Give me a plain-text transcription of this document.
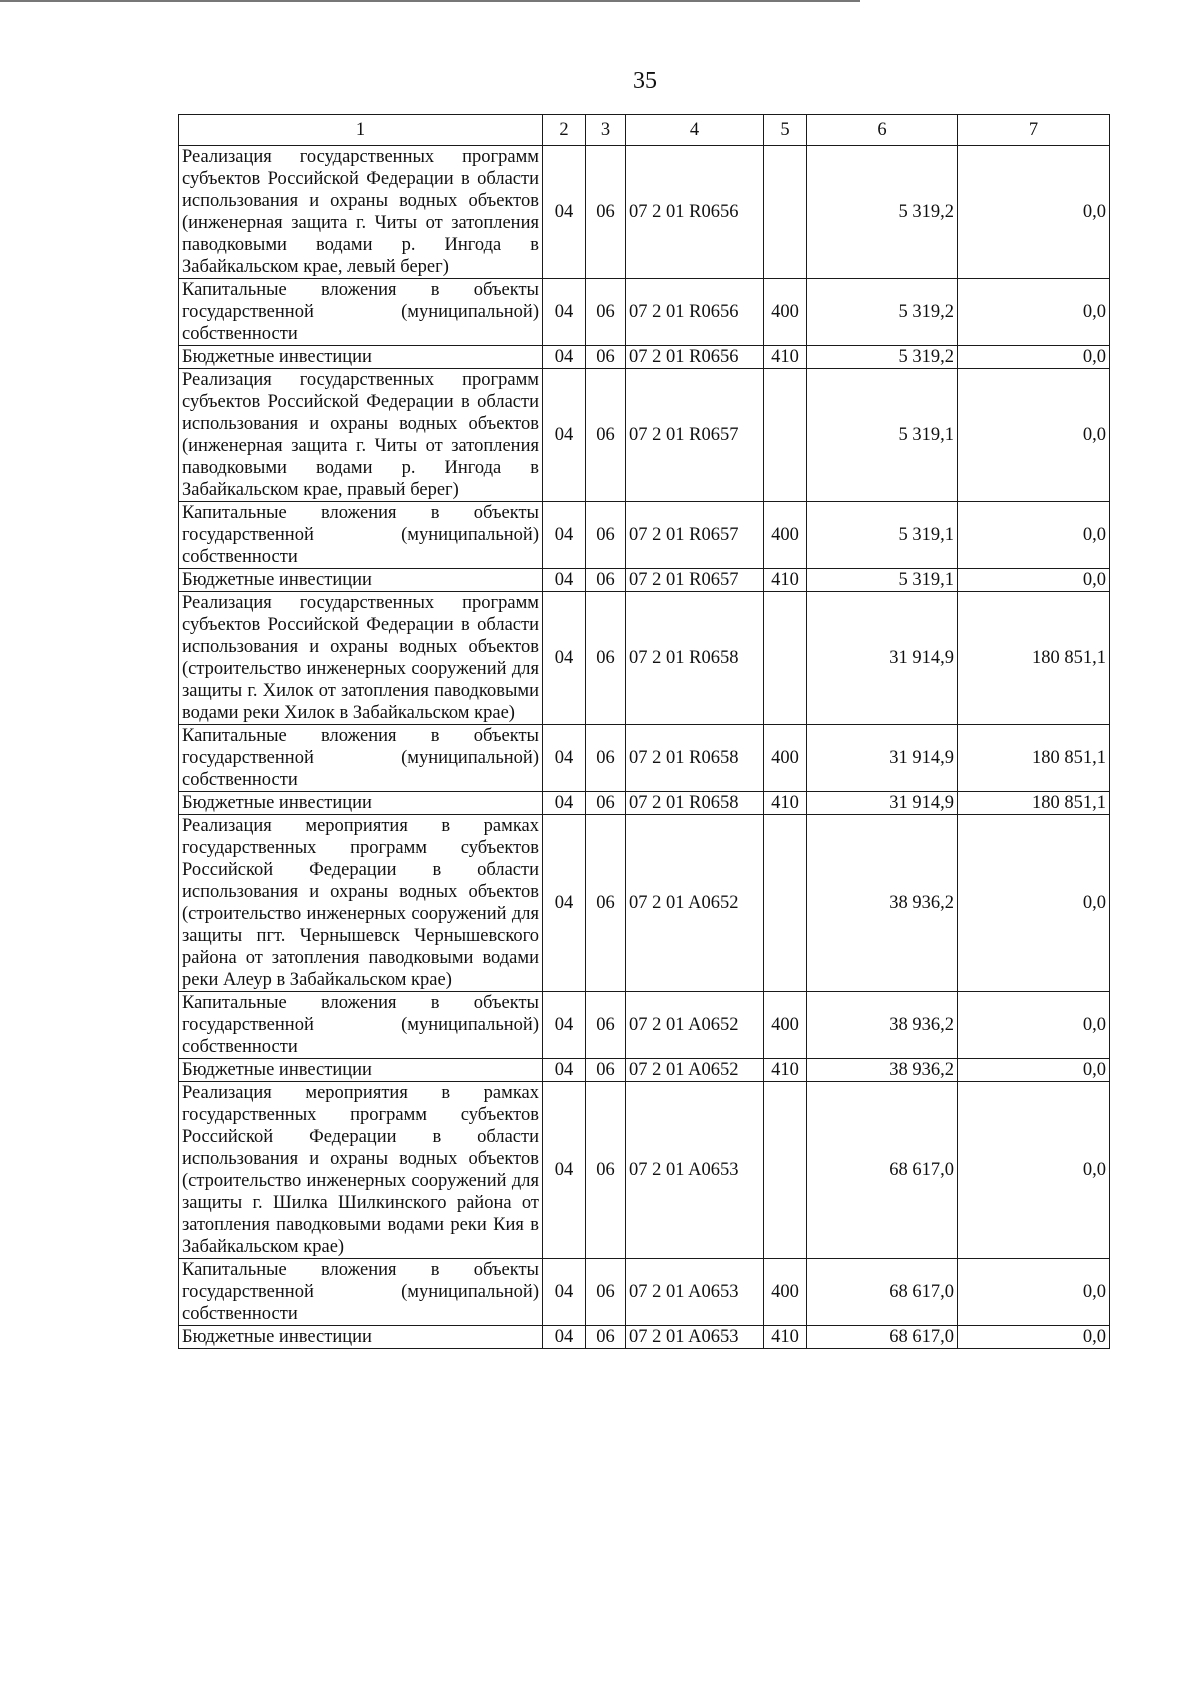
35
1	2	3	4	5	6	7
Реализация государственных программ субъектов Российской Федерации в области использования и охраны водных объектов (инженерная защита г. Читы от затопления паводковыми водами р. Ингода в Забайкальском крае, левый берег)	04	06	07 2 01 R0656		5 319,2	0,0
Капитальные вложения в объекты государственной (муниципальной) собственности	04	06	07 2 01 R0656	400	5 319,2	0,0
Бюджетные инвестиции	04	06	07 2 01 R0656	410	5 319,2	0,0
Реализация государственных программ субъектов Российской Федерации в области использования и охраны водных объектов (инженерная защита г. Читы от затопления паводковыми водами р. Ингода в Забайкальском крае, правый берег)	04	06	07 2 01 R0657		5 319,1	0,0
Капитальные вложения в объекты государственной (муниципальной) собственности	04	06	07 2 01 R0657	400	5 319,1	0,0
Бюджетные инвестиции	04	06	07 2 01 R0657	410	5 319,1	0,0
Реализация государственных программ субъектов Российской Федерации в области использования и охраны водных объектов (строительство инженерных сооружений для защиты г. Хилок от затопления паводковыми водами реки Хилок в Забайкальском крае)	04	06	07 2 01 R0658		31 914,9	180 851,1
Капитальные вложения в объекты государственной (муниципальной) собственности	04	06	07 2 01 R0658	400	31 914,9	180 851,1
Бюджетные инвестиции	04	06	07 2 01 R0658	410	31 914,9	180 851,1
Реализация мероприятия в рамках государственных программ субъектов Российской Федерации в области использования и охраны водных объектов (строительство инженерных сооружений для защиты пгт. Чернышевск Чернышевского района от затопления паводковыми водами реки Алеур в Забайкальском крае)	04	06	07 2 01 A0652		38 936,2	0,0
Капитальные вложения в объекты государственной (муниципальной) собственности	04	06	07 2 01 A0652	400	38 936,2	0,0
Бюджетные инвестиции	04	06	07 2 01 A0652	410	38 936,2	0,0
Реализация мероприятия в рамках государственных программ субъектов Российской Федерации в области использования и охраны водных объектов (строительство инженерных сооружений для защиты г. Шилка Шилкинского района от затопления паводковыми водами реки Кия в Забайкальском крае)	04	06	07 2 01 A0653		68 617,0	0,0
Капитальные вложения в объекты государственной (муниципальной) собственности	04	06	07 2 01 A0653	400	68 617,0	0,0
Бюджетные инвестиции	04	06	07 2 01 A0653	410	68 617,0	0,0
